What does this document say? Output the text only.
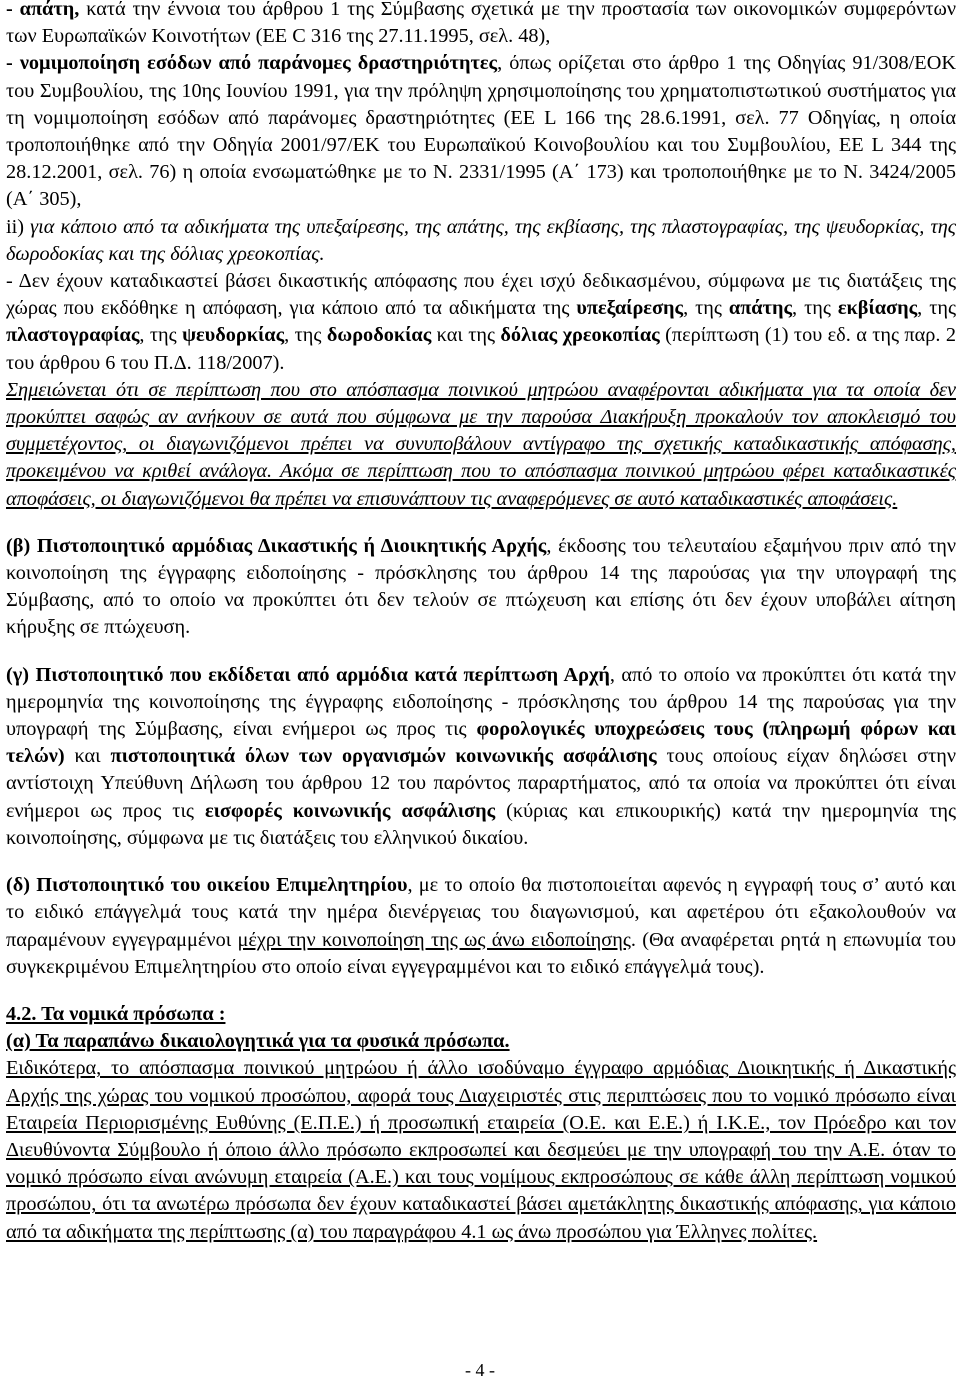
- απάτη, κατά την έννοια του άρθρου 1 της Σύμβασης σχετικά με την προστασία των οικονομικών συμφερόντων των Ευρωπαϊκών Κοινοτήτων (ΕΕ C 316 της 27.11.1995, σελ. 48),

- νομιμοποίηση εσόδων από παράνομες δραστηριότητες, όπως ορίζεται στο άρθρο 1 της Οδηγίας 91/308/ΕΟΚ του Συμβουλίου, της 10ης Ιουνίου 1991, για την πρόληψη χρησιμοποίησης του χρηματοπιστωτικού συστήματος για τη νομιμοποίηση εσόδων από παράνομες δραστηριότητες (ΕΕ L 166 της 28.6.1991, σελ. 77 Οδηγίας, η οποία τροποποιήθηκε από την Οδηγία 2001/97/ΕΚ του Ευρωπαϊκού Κοινοβουλίου και του Συμβουλίου, ΕΕ L 344 της 28.12.2001, σελ. 76) η οποία ενσωματώθηκε με το Ν. 2331/1995 (Α΄ 173) και τροποποιήθηκε με το Ν. 3424/2005 (Α΄ 305),

ii) για κάποιο από τα αδικήματα της υπεξαίρεσης, της απάτης, της εκβίασης, της πλαστογραφίας, της ψευδορκίας, της δωροδοκίας και της δόλιας χρεοκοπίας.

- Δεν έχουν καταδικαστεί βάσει δικαστικής απόφασης που έχει ισχύ δεδικασμένου, σύμφωνα με τις διατάξεις της χώρας που εκδόθηκε η απόφαση, για κάποιο από τα αδικήματα της υπεξαίρεσης, της απάτης, της εκβίασης, της πλαστογραφίας, της ψευδορκίας, της δωροδοκίας και της δόλιας χρεοκοπίας (περίπτωση (1) του εδ. α της παρ. 2 του άρθρου 6 του Π.Δ. 118/2007).

Σημειώνεται ότι σε περίπτωση που στο απόσπασμα ποινικού μητρώου αναφέρονται αδικήματα για τα οποία δεν προκύπτει σαφώς αν ανήκουν σε αυτά που σύμφωνα με την παρούσα Διακήρυξη προκαλούν τον αποκλεισμό του συμμετέχοντος, οι διαγωνιζόμενοι πρέπει να συνυποβάλουν αντίγραφο της σχετικής καταδικαστικής απόφασης, προκειμένου να κριθεί ανάλογα. Ακόμα σε περίπτωση που το απόσπασμα ποινικού μητρώου φέρει καταδικαστικές αποφάσεις, οι διαγωνιζόμενοι θα πρέπει να επισυνάπτουν τις αναφερόμενες σε αυτό καταδικαστικές αποφάσεις.

(β) Πιστοποιητικό αρμόδιας Δικαστικής ή Διοικητικής Αρχής, έκδοσης του τελευταίου εξαμήνου πριν από την κοινοποίηση της έγγραφης ειδοποίησης - πρόσκλησης του άρθρου 14 της παρούσας για την υπογραφή της Σύμβασης, από το οποίο να προκύπτει ότι δεν τελούν σε πτώχευση και επίσης ότι δεν έχουν υποβάλει αίτηση κήρυξης σε πτώχευση.

(γ) Πιστοποιητικό που εκδίδεται από αρμόδια κατά περίπτωση Αρχή, από το οποίο να προκύπτει ότι κατά την ημερομηνία της κοινοποίησης της έγγραφης ειδοποίησης - πρόσκλησης του άρθρου 14 της παρούσας για την υπογραφή της Σύμβασης, είναι ενήμεροι ως προς τις φορολογικές υποχρεώσεις τους (πληρωμή φόρων και τελών) και πιστοποιητικά όλων των οργανισμών κοινωνικής ασφάλισης τους οποίους είχαν δηλώσει στην αντίστοιχη Υπεύθυνη Δήλωση του άρθρου 12 του παρόντος παραρτήματος, από τα οποία να προκύπτει ότι είναι ενήμεροι ως προς τις εισφορές κοινωνικής ασφάλισης (κύριας και επικουρικής) κατά την ημερομηνία της κοινοποίησης, σύμφωνα με τις διατάξεις του ελληνικού δικαίου.

(δ) Πιστοποιητικό του οικείου Επιμελητηρίου, με το οποίο θα πιστοποιείται αφενός η εγγραφή τους σ’ αυτό και το ειδικό επάγγελμά τους κατά την ημέρα διενέργειας του διαγωνισμού, και αφετέρου ότι εξακολουθούν να παραμένουν εγγεγραμμένοι μέχρι την κοινοποίηση της ως άνω ειδοποίησης. (Θα αναφέρεται ρητά η επωνυμία του συγκεκριμένου Επιμελητηρίου στο οποίο είναι εγγεγραμμένοι και το ειδικό επάγγελμά τους).

4.2. Τα νομικά πρόσωπα :

(α) Τα παραπάνω δικαιολογητικά για τα φυσικά πρόσωπα.

Ειδικότερα, το απόσπασμα ποινικού μητρώου ή άλλο ισοδύναμο έγγραφο αρμόδιας Διοικητικής ή Δικαστικής Αρχής της χώρας του νομικού προσώπου, αφορά τους Διαχειριστές στις περιπτώσεις που το νομικό πρόσωπο είναι Εταιρεία Περιορισμένης Ευθύνης (Ε.Π.Ε.) ή προσωπική εταιρεία (Ο.Ε. και Ε.Ε.) ή Ι.Κ.Ε., τον Πρόεδρο και τον Διευθύνοντα Σύμβουλο ή όποιο άλλο πρόσωπο εκπροσωπεί και δεσμεύει με την υπογραφή του την Α.Ε. όταν το νομικό πρόσωπο είναι ανώνυμη εταιρεία (Α.Ε.) και τους νομίμους εκπροσώπους σε κάθε άλλη περίπτωση νομικού προσώπου, ότι τα ανωτέρω πρόσωπα δεν έχουν καταδικαστεί βάσει αμετάκλητης δικαστικής απόφασης, για κάποιο από τα αδικήματα της περίπτωσης (α) του παραγράφου 4.1 ως άνω προσώπου για Έλληνες πολίτες.

- 4 -
